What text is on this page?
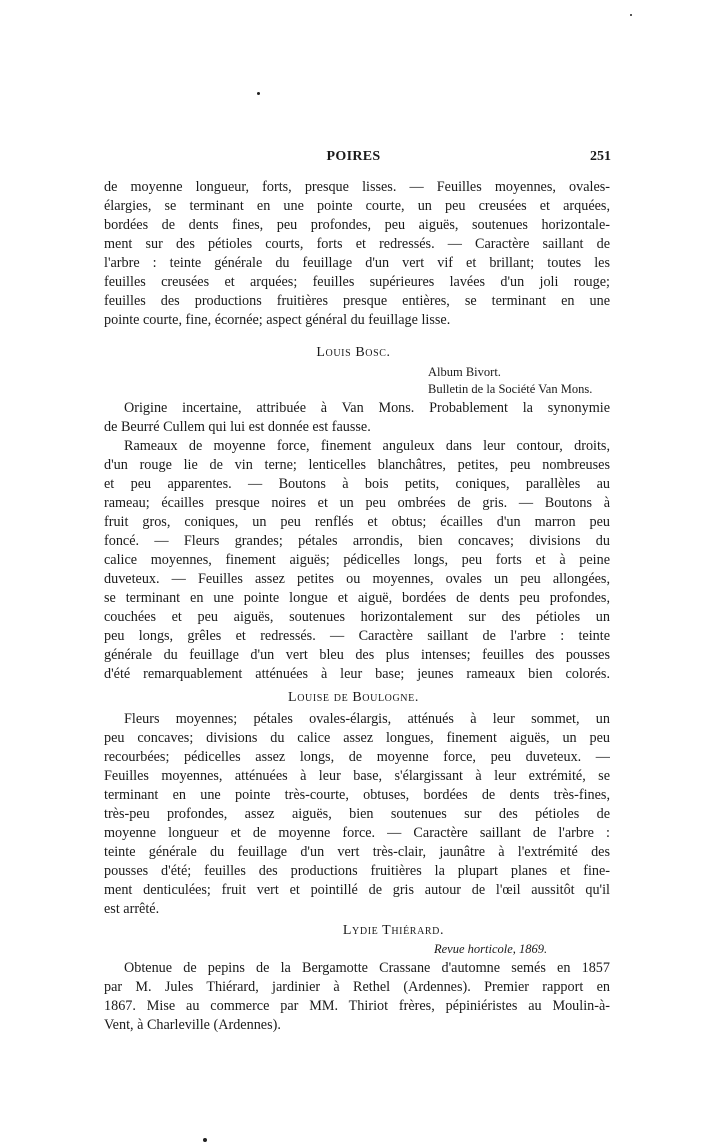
POIRES	251
de moyenne longueur, forts, presque lisses. — Feuilles moyennes, ovales-
élargies, se terminant en une pointe courte, un peu creusées et arquées,
bordées de dents fines, peu profondes, peu aiguës, soutenues horizontale-
ment sur des pétioles courts, forts et redressés. — Caractère saillant de
l'arbre : teinte générale du feuillage d'un vert vif et brillant; toutes les
feuilles creusées et arquées; feuilles supérieures lavées d'un joli rouge;
feuilles des productions fruitières presque entières, se terminant en une
pointe courte, fine, écornée; aspect général du feuillage lisse.
Louis Bosc.
Album Bivort.
Bulletin de la Société Van Mons.
Origine incertaine, attribuée à Van Mons. Probablement la synonymie
de Beurré Cullem qui lui est donnée est fausse.
Rameaux de moyenne force, finement anguleux dans leur contour, droits,
d'un rouge lie de vin terne; lenticelles blanchâtres, petites, peu nombreuses
et peu apparentes. — Boutons à bois petits, coniques, parallèles au
rameau; écailles presque noires et un peu ombrées de gris. — Boutons à
fruit gros, coniques, un peu renflés et obtus; écailles d'un marron peu
foncé. — Fleurs grandes; pétales arrondis, bien concaves; divisions du
calice moyennes, finement aiguës; pédicelles longs, peu forts et à peine
duveteux. — Feuilles assez petites ou moyennes, ovales un peu allongées,
se terminant en une pointe longue et aiguë, bordées de dents peu profondes,
couchées et peu aiguës, soutenues horizontalement sur des pétioles un
peu longs, grêles et redressés. — Caractère saillant de l'arbre : teinte
générale du feuillage d'un vert bleu des plus intenses; feuilles des pousses
d'été remarquablement atténuées à leur base; jeunes rameaux bien colorés.
Louise de Boulogne.
Fleurs moyennes; pétales ovales-élargis, atténués à leur sommet, un
peu concaves; divisions du calice assez longues, finement aiguës, un peu
recourbées; pédicelles assez longs, de moyenne force, peu duveteux. —
Feuilles moyennes, atténuées à leur base, s'élargissant à leur extrémité, se
terminant en une pointe très-courte, obtuses, bordées de dents très-fines,
très-peu profondes, assez aiguës, bien soutenues sur des pétioles de
moyenne longueur et de moyenne force. — Caractère saillant de l'arbre :
teinte générale du feuillage d'un vert très-clair, jaunâtre à l'extrémité des
pousses d'été; feuilles des productions fruitières la plupart planes et fine-
ment denticulées; fruit vert et pointillé de gris autour de l'œil aussitôt qu'il
est arrêté.
Lydie Thiérard.
Revue horticole, 1869.
Obtenue de pepins de la Bergamotte Crassane d'automne semés en 1857
par M. Jules Thiérard, jardinier à Rethel (Ardennes). Premier rapport en
1867. Mise au commerce par MM. Thiriot frères, pépiniéristes au Moulin-à-
Vent, à Charleville (Ardennes).
